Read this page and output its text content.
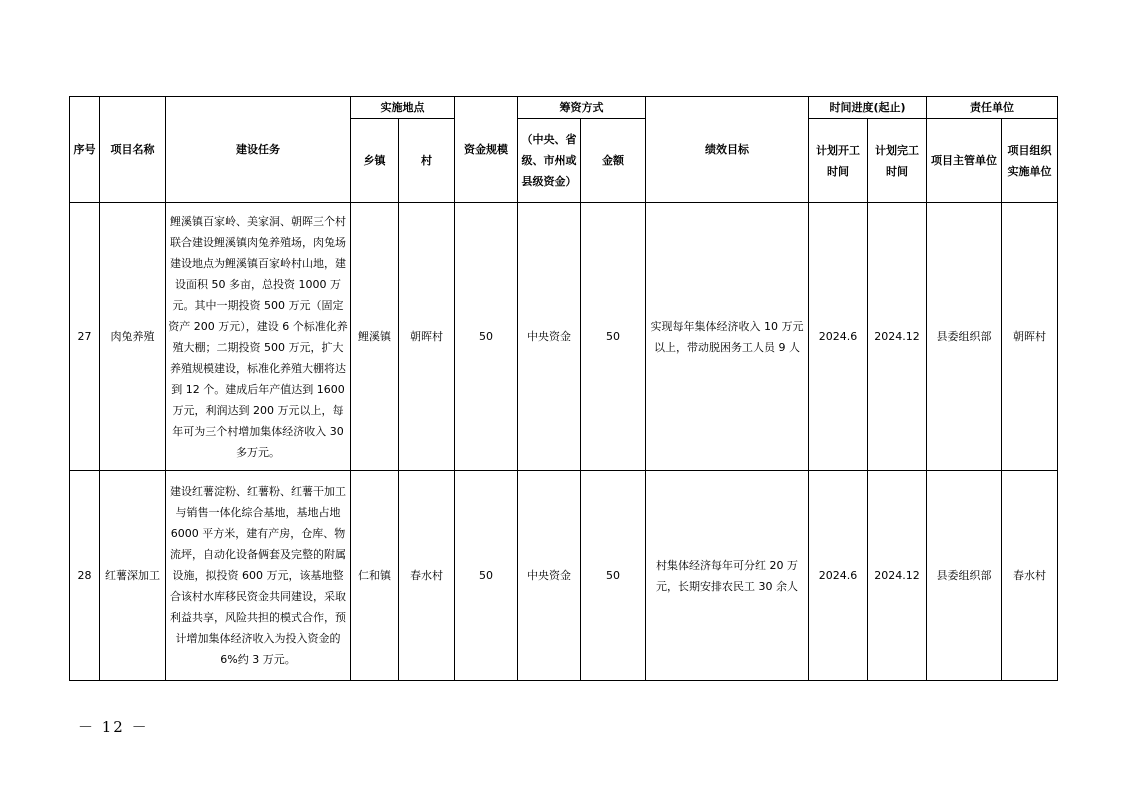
序号	项目名称	建设任务	实施地点		资金规模	筹资方式		绩效目标	时间进度(起止)		责任单位	
			乡镇	村		（中央、省级、市州或县级资金）	金额		计划开工时间	计划完工时间	项目主管单位	项目组织实施单位
27	肉兔养殖	鲤溪镇百家岭、美家洞、朝晖三个村联合建设鲤溪镇肉兔养殖场，肉兔场建设地点为鲤溪镇百家岭村山地，建设面积 50 多亩，总投资 1000 万元。其中一期投资 500 万元（固定资产 200 万元），建设 6 个标准化养殖大棚；二期投资 500 万元，扩大养殖规模建设，标准化养殖大棚将达到 12 个。建成后年产值达到 1600 万元，利润达到 200 万元以上，每年可为三个村增加集体经济收入 30 多万元。	鲤溪镇	朝晖村	50	中央资金	50	实现每年集体经济收入 10 万元以上，带动脱困务工人员 9 人	2024.6	2024.12	县委组织部	朝晖村
28	红薯深加工	建设红薯淀粉、红薯粉、红薯干加工与销售一体化综合基地，基地占地 6000 平方米，建有产房，仓库、物流坪，自动化设备俩套及完整的附属设施，拟投资 600 万元，该基地整合该村水库移民资金共同建设，采取利益共享，风险共担的模式合作，预计增加集体经济收入为投入资金的 6%约 3 万元。	仁和镇	春水村	50	中央资金	50	村集体经济每年可分红 20 万元，长期安排农民工 30 余人	2024.6	2024.12	县委组织部	春水村
－ 12 －
